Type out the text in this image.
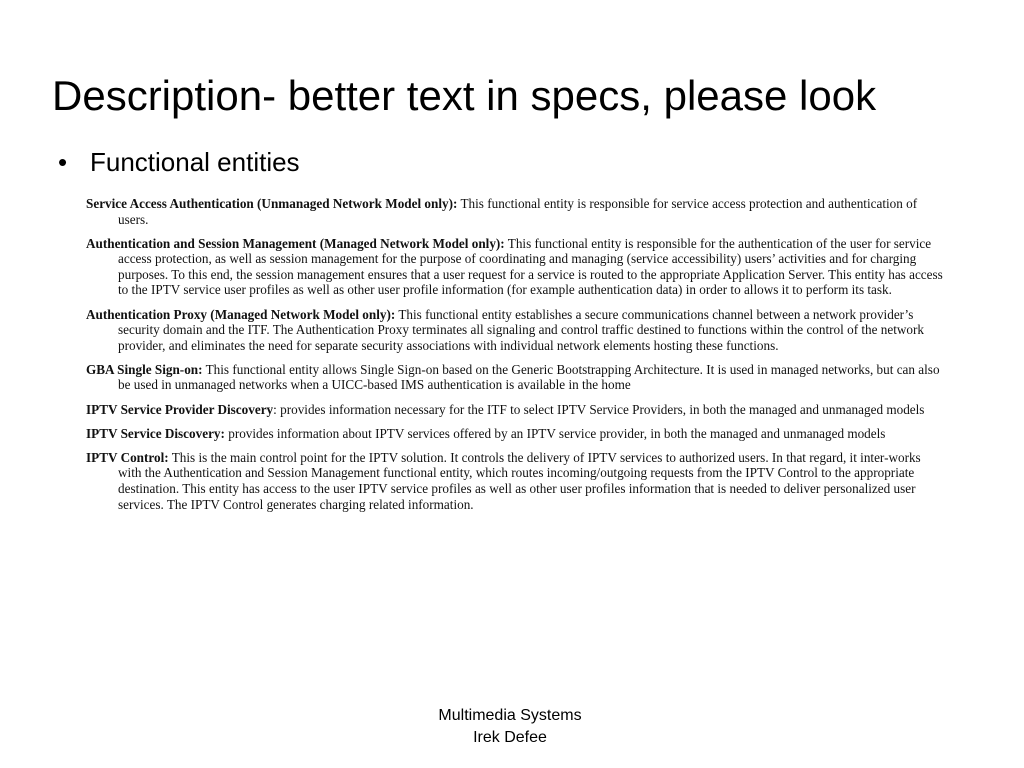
Description- better text in specs, please look
• Functional entities

Service Access Authentication (Unmanaged Network Model only): This functional entity is responsible for service access protection and authentication of users.

Authentication and Session Management (Managed Network Model only): This functional entity is responsible for the authentication of the user for service access protection, as well as session management for the purpose of coordinating and managing (service accessibility) users’ activities and for charging purposes. To this end, the session management ensures that a user request for a service is routed to the appropriate Application Server. This entity has access to the IPTV service user profiles as well as other user profile information (for example authentication data) in order to allows it to perform its task.

Authentication Proxy (Managed Network Model only): This functional entity establishes a secure communications channel between a network provider’s security domain and the ITF. The Authentication Proxy terminates all signaling and control traffic destined to functions within the control of the network provider, and eliminates the need for separate security associations with individual network elements hosting these functions.

GBA Single Sign-on: This functional entity allows Single Sign-on based on the Generic Bootstrapping Architecture. It is used in managed networks, but can also be used in unmanaged networks when a UICC-based IMS authentication is available in the home

IPTV Service Provider Discovery: provides information necessary for the ITF to select IPTV Service Providers, in both the managed and unmanaged models

IPTV Service Discovery: provides information about IPTV services offered by an IPTV service provider, in both the managed and unmanaged models

IPTV Control: This is the main control point for the IPTV solution. It controls the delivery of IPTV services to authorized users. In that regard, it inter-works with the Authentication and Session Management functional entity, which routes incoming/outgoing requests from the IPTV Control to the appropriate destination. This entity has access to the user IPTV service profiles as well as other user profiles information that is needed to deliver personalized user services. The IPTV Control generates charging related information.

Multimedia Systems
Irek Defee
